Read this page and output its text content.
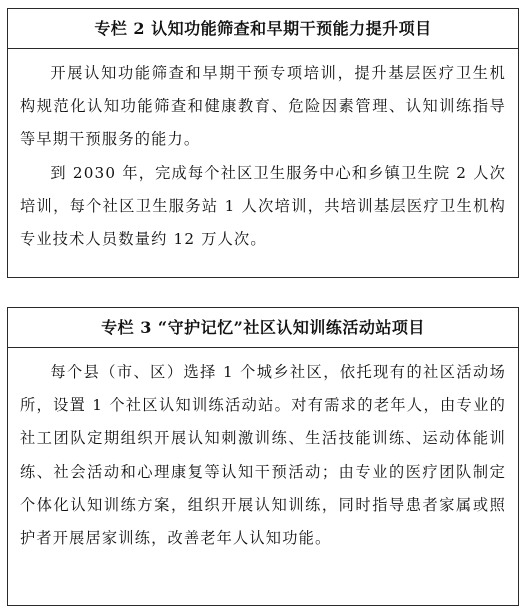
专栏 2 认知功能筛查和早期干预能力提升项目

开展认知功能筛查和早期干预专项培训，提升基层医疗卫生机构规范化认知功能筛查和健康教育、危险因素管理、认知训练指导等早期干预服务的能力。

到 2030 年，完成每个社区卫生服务中心和乡镇卫生院 2 人次培训，每个社区卫生服务站 1 人次培训，共培训基层医疗卫生机构专业技术人员数量约 12 万人次。

专栏 3 “守护记忆”社区认知训练活动站项目

每个县（市、区）选择 1 个城乡社区，依托现有的社区活动场所，设置 1 个社区认知训练活动站。对有需求的老年人，由专业的社工团队定期组织开展认知刺激训练、生活技能训练、运动体能训练、社会活动和心理康复等认知干预活动；由专业的医疗团队制定个体化认知训练方案，组织开展认知训练，同时指导患者家属或照护者开展居家训练，改善老年人认知功能。
